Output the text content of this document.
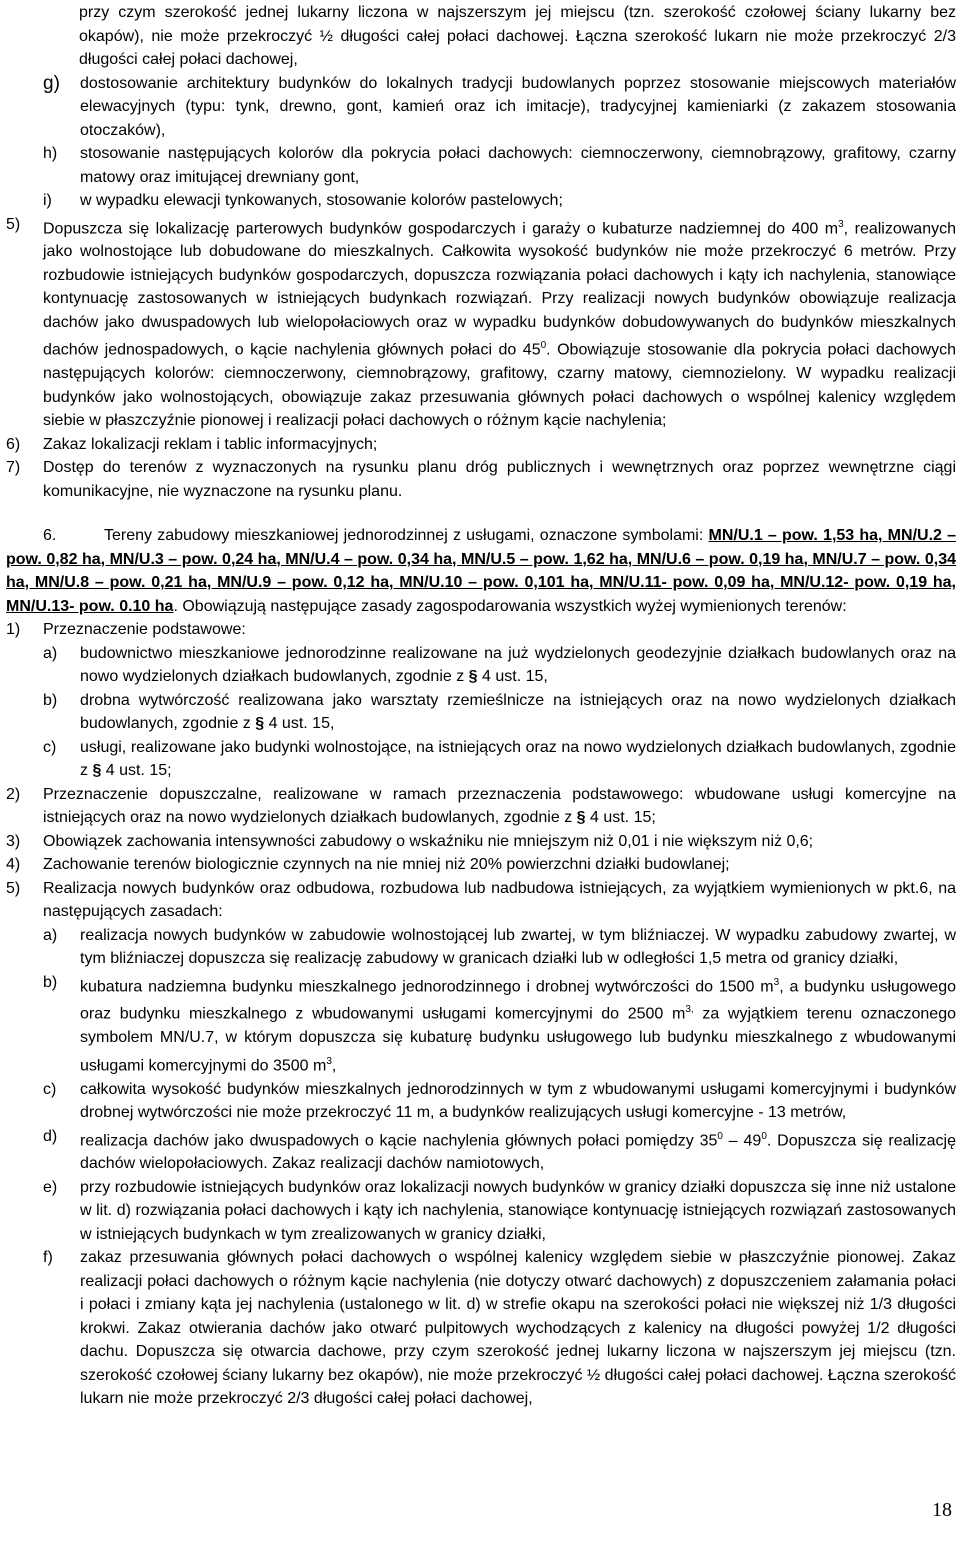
przy czym szerokość jednej lukarny liczona w najszerszym jej miejscu (tzn. szerokość czołowej ściany lukarny bez okapów), nie może przekroczyć ½ długości całej połaci dachowej. Łączna szerokość lukarn nie może przekroczyć 2/3 długości całej połaci dachowej,

g)	dostosowanie architektury budynków do lokalnych tradycji budowlanych poprzez stosowanie miejscowych materiałów elewacyjnych (typu: tynk, drewno, gont, kamień oraz ich imitacje), tradycyjnej kamieniarki (z zakazem stosowania otoczaków),
h)	stosowanie następujących kolorów dla pokrycia połaci dachowych: ciemnoczerwony, ciemnobrązowy, grafitowy, czarny matowy oraz imitującej drewniany gont,
i)	w wypadku elewacji tynkowanych, stosowanie kolorów pastelowych;
5)	Dopuszcza się lokalizację parterowych budynków gospodarczych i garaży o kubaturze nadziemnej do 400 $m^3$, realizowanych jako wolnostojące lub dobudowane do mieszkalnych. Całkowita wysokość budynków nie może przekroczyć 6 metrów. Przy rozbudowie istniejących budynków gospodarczych, dopuszcza rozwiązania połaci dachowych i kąty ich nachylenia, stanowiące kontynuację zastosowanych w istniejących budynkach rozwiązań. Przy realizacji nowych budynków obowiązuje realizacja dachów jako dwuspadowych lub wielopołaciowych oraz w wypadku budynków dobudowywanych do budynków mieszkalnych dachów jednospadowych, o kącie nachylenia głównych połaci do $45^0$. Obowiązuje stosowanie dla pokrycia połaci dachowych następujących kolorów: ciemnoczerwony, ciemnobrązowy, grafitowy, czarny matowy, ciemnozielony. W wypadku realizacji budynków jako wolnostojących, obowiązuje zakaz przesuwania głównych połaci dachowych o wspólnej kalenicy względem siebie w płaszczyźnie pionowej i realizacji połaci dachowych o różnym kącie nachylenia;
6)	Zakaz lokalizacji reklam i tablic informacyjnych;
7)	Dostęp do terenów z wyznaczonych na rysunku planu dróg publicznych i wewnętrznych oraz poprzez wewnętrzne ciągi komunikacyjne, nie wyznaczone na rysunku planu.

6.	Tereny zabudowy mieszkaniowej jednorodzinnej z usługami, oznaczone symbolami: MN/U.1 – pow. 1,53 ha, MN/U.2 – pow. 0,82 ha, MN/U.3 – pow. 0,24 ha, MN/U.4 – pow. 0,34 ha, MN/U.5 – pow. 1,62 ha, MN/U.6 – pow. 0,19 ha, MN/U.7 – pow. 0,34 ha, MN/U.8 – pow. 0,21 ha, MN/U.9 – pow. 0,12 ha, MN/U.10 – pow. 0,101 ha, MN/U.11- pow. 0,09 ha, MN/U.12- pow. 0,19 ha, MN/U.13- pow. 0.10 ha. Obowiązują następujące zasady zagospodarowania wszystkich wyżej wymienionych terenów:

1)	Przeznaczenie podstawowe:
a)	budownictwo mieszkaniowe jednorodzinne realizowane na już wydzielonych geodezyjnie działkach budowlanych oraz na nowo wydzielonych działkach budowlanych, zgodnie z § 4 ust. 15,
b)	drobna wytwórczość realizowana jako warsztaty rzemieślnicze na istniejących oraz na nowo wydzielonych działkach budowlanych, zgodnie z § 4 ust. 15,
c)	usługi, realizowane jako budynki wolnostojące, na istniejących oraz na nowo wydzielonych działkach budowlanych, zgodnie z § 4 ust. 15;
2)	Przeznaczenie dopuszczalne, realizowane w ramach przeznaczenia podstawowego: wbudowane usługi komercyjne na istniejących oraz na nowo wydzielonych działkach budowlanych, zgodnie z § 4 ust. 15;
3)	Obowiązek zachowania intensywności zabudowy o wskaźniku nie mniejszym niż 0,01 i nie większym niż 0,6;
4)	Zachowanie terenów biologicznie czynnych na nie mniej niż 20% powierzchni działki budowlanej;
5)	Realizacja nowych budynków oraz odbudowa, rozbudowa lub nadbudowa istniejących, za wyjątkiem wymienionych w pkt.6, na następujących zasadach:
a)	realizacja nowych budynków w zabudowie wolnostojącej lub zwartej, w tym bliźniaczej. W wypadku zabudowy zwartej, w tym bliźniaczej dopuszcza się realizację zabudowy w granicach działki lub w odległości 1,5 metra od granicy działki,
b)	kubatura nadziemna budynku mieszkalnego jednorodzinnego i drobnej wytwórczości do 1500 $m^3$, a budynku usługowego oraz budynku mieszkalnego z wbudowanymi usługami komercyjnymi do 2500 $m^{3,}$ za wyjątkiem terenu oznaczonego symbolem MN/U.7, w którym dopuszcza się kubaturę budynku usługowego lub budynku mieszkalnego z wbudowanymi usługami komercyjnymi do 3500 $m^3$,
c)	całkowita wysokość budynków mieszkalnych jednorodzinnych w tym z wbudowanymi usługami komercyjnymi i budynków drobnej wytwórczości nie może przekroczyć 11 m, a budynków realizujących usługi komercyjne - 13 metrów,
d)	realizacja dachów jako dwuspadowych o kącie nachylenia głównych połaci pomiędzy $35^0 - 49^0$. Dopuszcza się realizację dachów wielopołaciowych. Zakaz realizacji dachów namiotowych,
e)	przy rozbudowie istniejących budynków oraz lokalizacji nowych budynków w granicy działki dopuszcza się inne niż ustalone w lit. d) rozwiązania połaci dachowych i kąty ich nachylenia, stanowiące kontynuację istniejących rozwiązań zastosowanych w istniejących budynkach w tym zrealizowanych w granicy działki,
f)	zakaz przesuwania głównych połaci dachowych o wspólnej kalenicy względem siebie w płaszczyźnie pionowej. Zakaz realizacji połaci dachowych o różnym kącie nachylenia (nie dotyczy otwarć dachowych) z dopuszczeniem załamania połaci i połaci i zmiany kąta jej nachylenia (ustalonego w lit. d) w strefie okapu na szerokości połaci nie większej niż 1/3 długości krokwi. Zakaz otwierania dachów jako otwarć pulpitowych wychodzących z kalenicy na długości powyżej 1/2 długości dachu. Dopuszcza się otwarcia dachowe, przy czym szerokość jednej lukarny liczona w najszerszym jej miejscu (tzn. szerokość czołowej ściany lukarny bez okapów), nie może przekroczyć ½ długości całej połaci dachowej. Łączna szerokość lukarn nie może przekroczyć 2/3 długości całej połaci dachowej,
18
